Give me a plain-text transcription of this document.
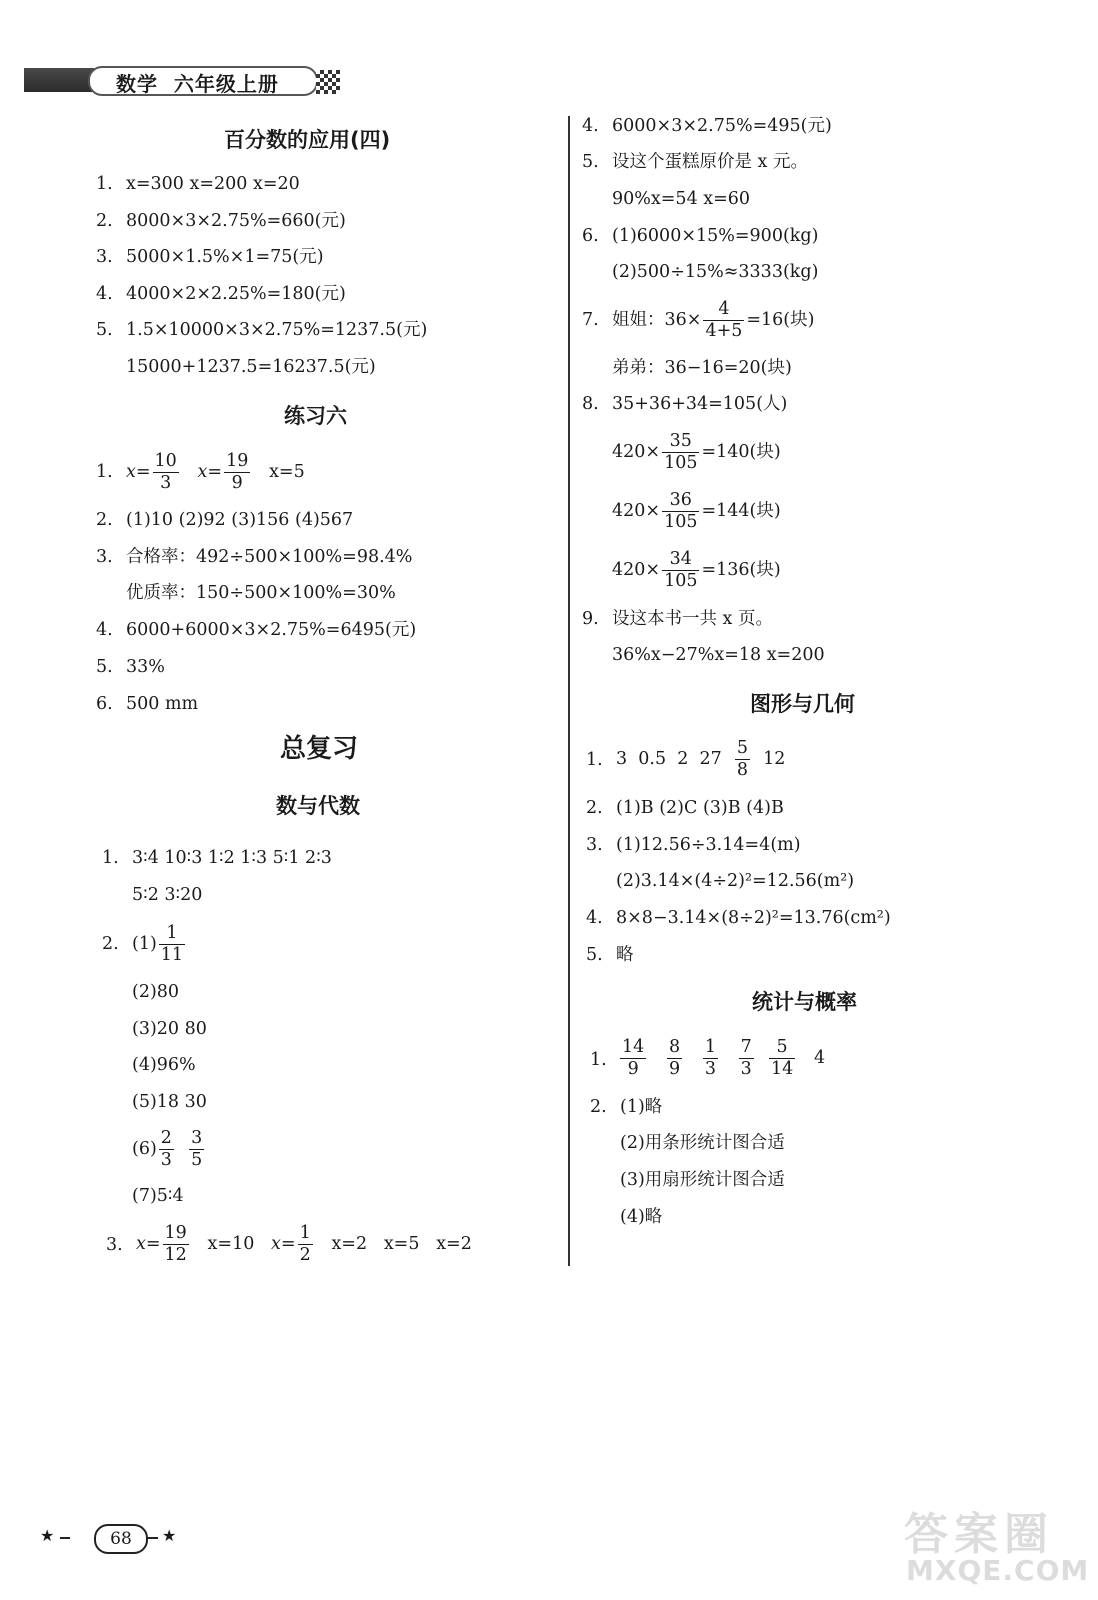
数学  六年级上册
百分数的应用(四)
1. x=300 x=200 x=20
2. 8000×3×2.75%=660(元)
3. 5000×1.5%×1=75(元)
4. 4000×2×2.25%=180(元)
5. 1.5×10000×3×2.75%=1237.5(元)
15000+1237.5=16237.5(元)
练习六
1. $x= \frac{10}{3} x= \frac{19}{9} x=5$
2. (1)10 (2)92 (3)156 (4)567
3. 合格率：492÷500×100%=98.4%
优质率：150÷500×100%=30%
4. 6000+6000×3×2.75%=6495(元)
5. 33%
6. 500 mm
总复习
数与代数
1. 3∶4 10∶3 1∶2 1∶3 5∶1 2∶3
5∶2 3∶20
2. $(1) \frac{1}{11}$
(2)80
(3)20 80
(4)96%
(5)18 30
$(6) \frac{2}{3}$
$\frac{3}{5}$
(7)5∶4
3. $x= \frac{19}{12} x=10$ $x= \frac{1}{2} x=2$ x=5 x=2
4. 6000×3×2.75%=495(元)
5. 设这个蛋糕原价是 x 元。
90%x=54 x=60
6. (1)6000×15%=900(kg)
(2)500÷15%≈3333(kg)
7. 姐姐：$36\times \frac{4}{4+5} =16$(块)
弟弟：36−16=20(块)
8. 35+36+34=105(人)
$420\times \frac{35}{105} =140$(块)
$420\times \frac{36}{105} =144$(块)
$420\times \frac{34}{105} =136$(块)
9. 设这本书一共 x 页。
36%x−27%x=18 x=200
图形与几何
1. 3  0.5  2  $27 \frac{5}{8} 12$
2. (1)B (2)C (3)B (4)B
3. (1)12.56÷3.14=4(m)
(2)3.14×(4÷2)²=12.56(m²)
4. 8×8−3.14×(8÷2)²=13.76(cm²)
5. 略
统计与概率
1. $\frac{14}{9}$
$\frac{8}{9}$
$\frac{1}{3}$
$\frac{7}{3}$
$\frac{5}{14} 4$
2. (1)略
(2)用条形统计图合适
(3)用扇形统计图合适
(4)略
★	68	★	答案圈
MXQE.COM
